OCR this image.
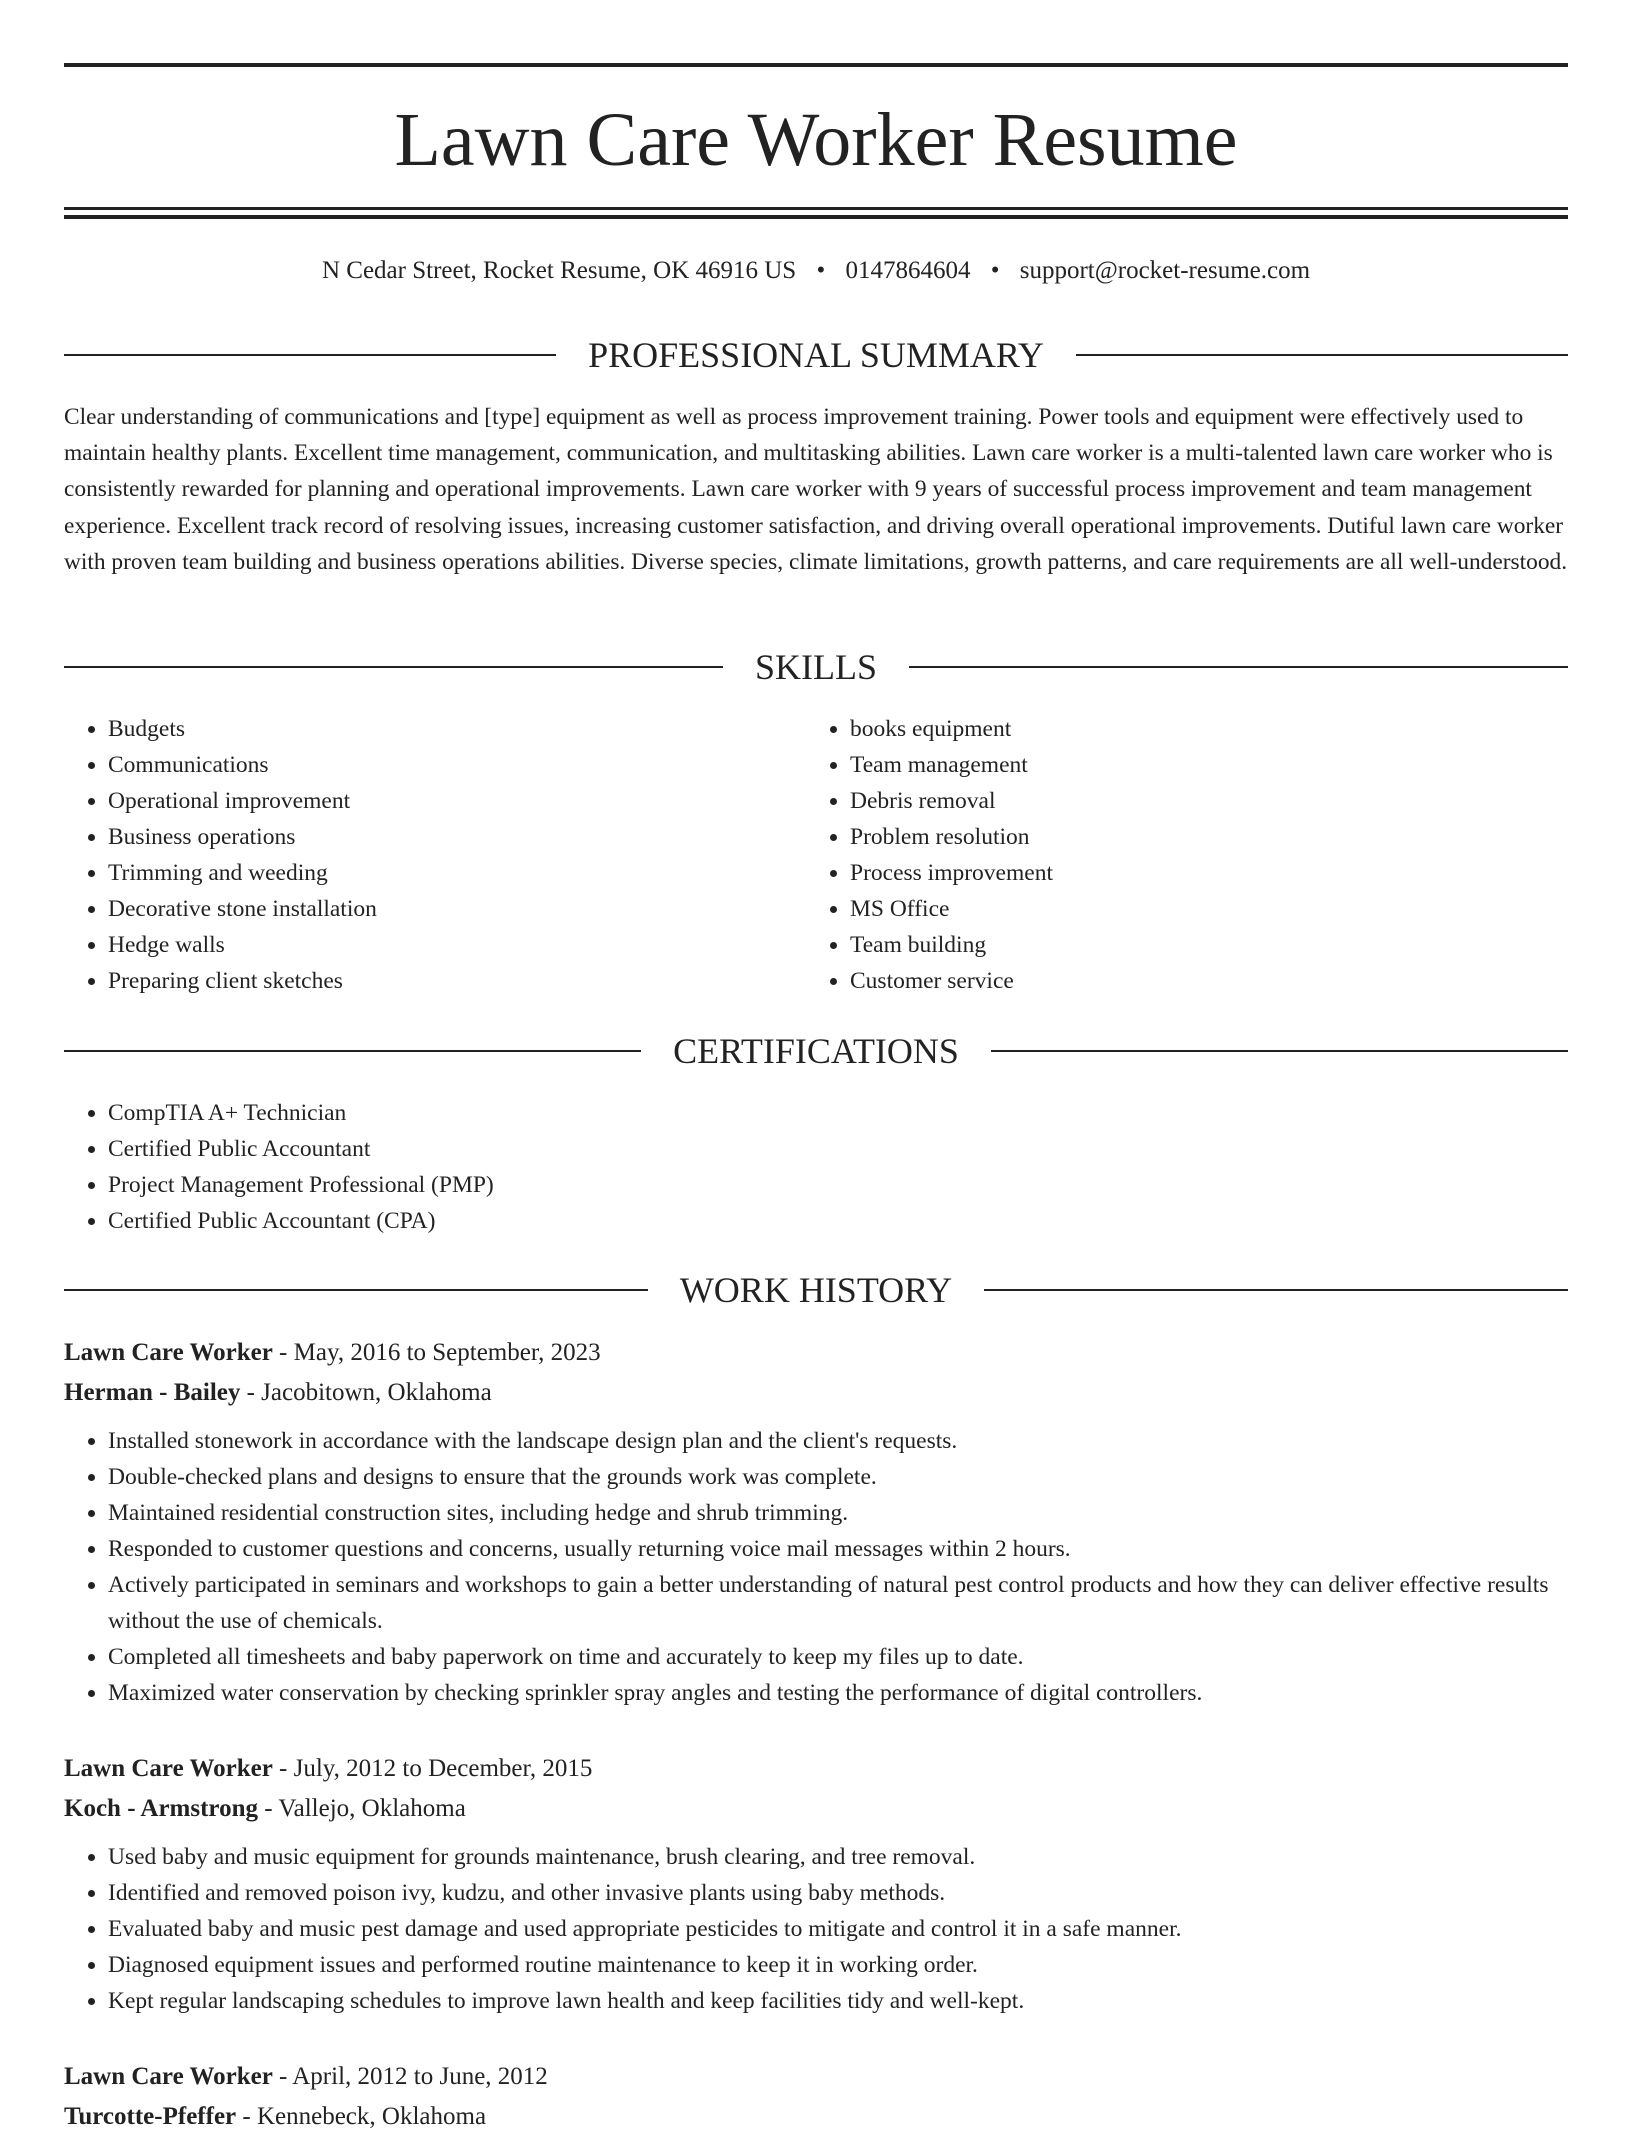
Lawn Care Worker Resume
N Cedar Street, Rocket Resume, OK 46916 US • 0147864604 • support@rocket-resume.com
PROFESSIONAL SUMMARY
Clear understanding of communications and [type] equipment as well as process improvement training. Power tools and equipment were effectively used to maintain healthy plants. Excellent time management, communication, and multitasking abilities. Lawn care worker is a multi-talented lawn care worker who is consistently rewarded for planning and operational improvements. Lawn care worker with 9 years of successful process improvement and team management experience. Excellent track record of resolving issues, increasing customer satisfaction, and driving overall operational improvements. Dutiful lawn care worker with proven team building and business operations abilities. Diverse species, climate limitations, growth patterns, and care requirements are all well-understood.
SKILLS
• Budgets
• Communications
• Operational improvement
• Business operations
• Trimming and weeding
• Decorative stone installation
• Hedge walls
• Preparing client sketches
• books equipment
• Team management
• Debris removal
• Problem resolution
• Process improvement
• MS Office
• Team building
• Customer service
CERTIFICATIONS
• CompTIA A+ Technician
• Certified Public Accountant
• Project Management Professional (PMP)
• Certified Public Accountant (CPA)
WORK HISTORY
Lawn Care Worker - May, 2016 to September, 2023
Herman - Bailey - Jacobitown, Oklahoma
• Installed stonework in accordance with the landscape design plan and the client's requests.
• Double-checked plans and designs to ensure that the grounds work was complete.
• Maintained residential construction sites, including hedge and shrub trimming.
• Responded to customer questions and concerns, usually returning voice mail messages within 2 hours.
• Actively participated in seminars and workshops to gain a better understanding of natural pest control products and how they can deliver effective results without the use of chemicals.
• Completed all timesheets and baby paperwork on time and accurately to keep my files up to date.
• Maximized water conservation by checking sprinkler spray angles and testing the performance of digital controllers.
Lawn Care Worker - July, 2012 to December, 2015
Koch - Armstrong - Vallejo, Oklahoma
• Used baby and music equipment for grounds maintenance, brush clearing, and tree removal.
• Identified and removed poison ivy, kudzu, and other invasive plants using baby methods.
• Evaluated baby and music pest damage and used appropriate pesticides to mitigate and control it in a safe manner.
• Diagnosed equipment issues and performed routine maintenance to keep it in working order.
• Kept regular landscaping schedules to improve lawn health and keep facilities tidy and well-kept.
Lawn Care Worker - April, 2012 to June, 2012
Turcotte-Pfeffer - Kennebeck, Oklahoma
